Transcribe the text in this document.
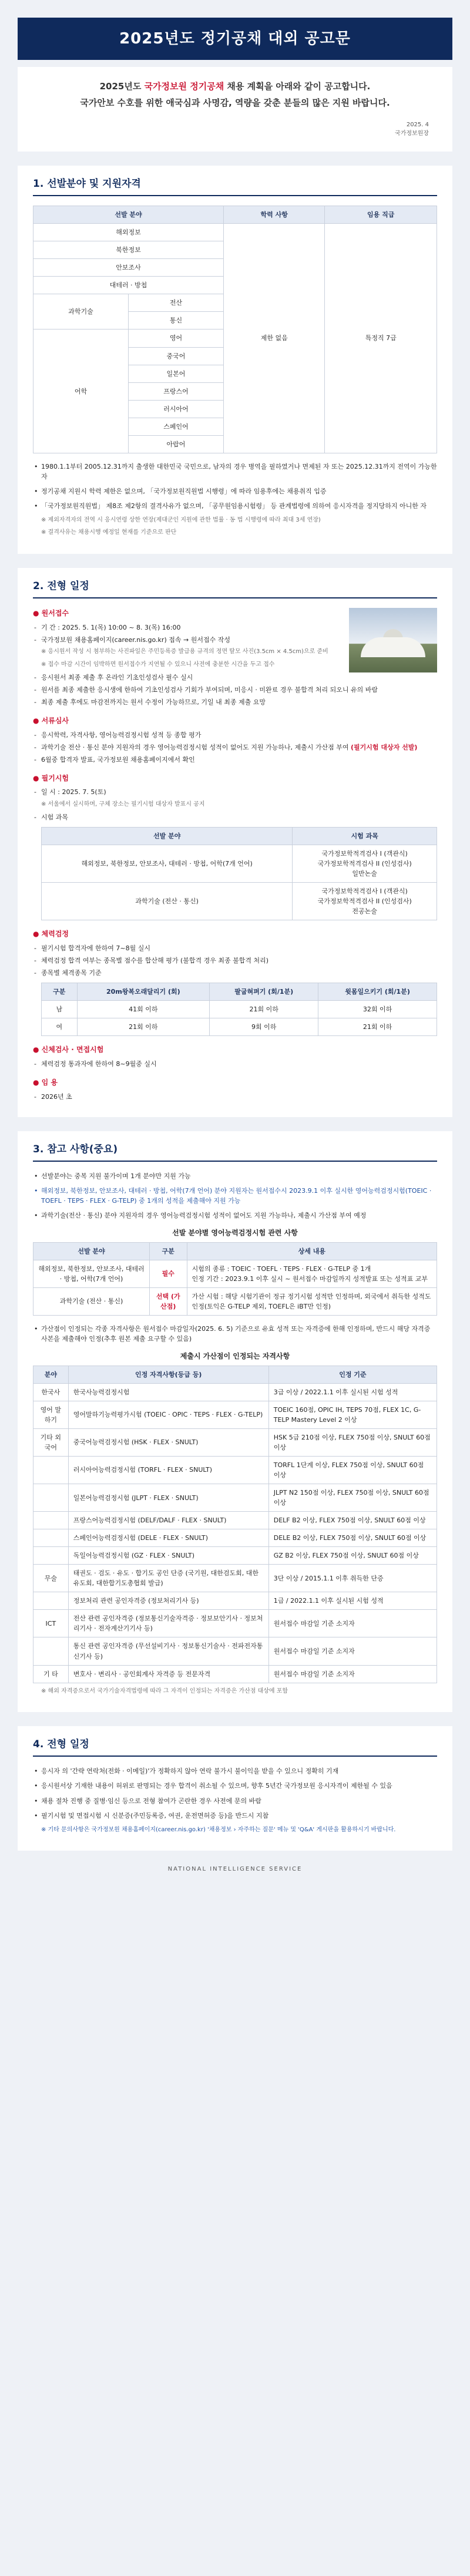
2025년도 정기공채 대외 공고문
2025년도 국가정보원 정기공채 채용 계획을 아래와 같이 공고합니다.
국가안보 수호를 위한 애국심과 사명감, 역량을 갖춘 분들의 많은 지원 바랍니다.
2025. 4
국가정보원장
1. 선발분야 및 지원자격
선발 분야		학력 사항	임용 직급
해외정보		제한 없음	특정직 7급
북한정보			
안보조사			
대테러 · 방첩			
과학기술	전산		
	통신		
어학	영어		
	중국어		
	일본어		
	프랑스어		
	러시아어		
	스페인어		
	아랍어		
• 1980.1.1부터 2005.12.31까지 출생한 대한민국 국민으로, 남자의 경우 병역을 필하였거나 면제된 자 또는 2025.12.31까지 전역이 가능한 자
• 정기공채 지원시 학력 제한은 없으며, 「국가정보원직원법 시행령」에 따라 임용후에는 채용취직 입증
• 「국가정보원직원법」 제8조 제2항의 결격사유가 없으며, 「공무원임용시험령」 등 관계법령에 의하여 응시자격을 정지당하지 아니한 자
※ 제외자격자의 전역 시 응시연령 상한 연장(제대군인 지원에 관한 법률 · 동 법 시행령에 따라 최대 3세 연장)
※ 결격사유는 채용시행 예정일 현재를 기준으로 판단
2. 전형 일정
● 원서접수
- 기 간 : 2025. 5. 1(목) 10:00 ~ 8. 3(목) 16:00
- 국가정보원 채용홈페이지(career.nis.go.kr) 접속 → 원서접수 작성
※ 응시원서 작성 시 첨부하는 사진파일은 주민등록증 발급용 규격의 정면 탈모 사진(3.5cm × 4.5cm)으로 준비
※ 접수 마감 시간이 임박하면 원서접수가 지연될 수 있으니 사전에 충분한 시간을 두고 접수
- 응시원서 최종 제출 후 온라인 기초인성검사 필수 실시
- 원서를 최종 제출한 응시생에 한하여 기초인성검사 기회가 부여되며, 미응시 · 미완료 경우 불합격 처리 되오니 유의 바람
- 최종 제출 후에도 마감전까지는 원서 수정이 가능하므로, 기일 내 최종 제출 요망
● 서류심사
- 응시학력, 자격사항, 영어능력검정시험 성적 등 종합 평가
- 과학기술 전산 · 통신 분야 지원자의 경우 영어능력검정시험 성적이 없어도 지원 가능하나, 제출시 가산점 부여 (필기시험 대상자 선발)
- 6월중 합격자 발표, 국가정보원 채용홈페이지에서 확인
● 필기시험
- 일 시 : 2025. 7. 5(토)
※ 서울에서 실시하며, 구체 장소는 필기시험 대상자 발표시 공지
- 시험 과목
선발 분야	시험 과목
해외정보, 북한정보, 안보조사, 대테러 · 방첩, 어학(7개 언어)	국가정보학적격검사 I (객관식)
국가정보학적격검사 II (인성검사)
일반논술

과학기술 (전산 · 통신)	국가정보학적격검사 I (객관식)
국가정보학적격검사 II (인성검사)
전공논술
● 체력검정
- 필기시험 합격자에 한하여 7~8월 실시
- 체력검정 합격 여부는 종목별 점수를 합산해 평가 (불합격 경우 최종 불합격 처리)
- 종목별 체격종목 기준
구분	20m왕복오래달리기 (회)	팔굽혀펴기 (회/1분)	윗몸일으키기 (회/1분)
남	41회 이하	21회 이하	32회 이하
여	21회 이하	9회 이하	21회 이하
● 신체검사 · 면접시험
- 체력검정 통과자에 한하여 8~9월중 실시
● 임 용
- 2026년 초
3. 참고 사항(중요)
• 선발분야는 중복 지원 불가이며 1개 분야만 지원 가능
• 해외정보, 북한정보, 안보조사, 대테러 · 방첩, 어학(7개 언어) 분야 지원자는 원서접수시 2023.9.1 이후 실시한 영어능력검정시험(TOEIC · TOEFL · TEPS · FLEX · G-TELP) 중 1개의 성적을 제출해야 지원 가능
• 과학기술(전산 · 통신) 분야 지원자의 경우 영어능력검정시험 성적이 없어도 지원 가능하나, 제출시 가산점 부여 예정
선발 분야별 영어능력검정시험 관련 사항
선발 분야	구분	상세 내용
해외정보, 북한정보, 안보조사, 대테러 · 방첩, 어학(7개 언어)	필수	시험의 종류 : TOEIC · TOEFL · TEPS · FLEX · G-TELP 중 1개
인정 기간 : 2023.9.1 이후 실시 ~ 원서접수 마감일까지 성적발표 또는 성적표 교부

과학기술 (전산 · 통신)	선택 (가산점)	가산 시험 : 해당 시험기관이 정규 정기시험 성적만 인정하며, 외국에서 취득한 성적도 인정(토익은 G-TELP 제외, TOEFL은 iBT만 인정)
• 가산점이 인정되는 각종 자격사항은 원서접수 마감일자(2025. 6. 5) 기준으로 유효 성적 또는 자격증에 한해 인정하며, 반드시 해당 자격증 사본을 제출해야 인정(추후 원본 제출 요구할 수 있음)
제출시 가산점이 인정되는 자격사항
분야	인정 자격사항(등급 등)	인정 기준
한국사	한국사능력검정시험	3급 이상 / 2022.1.1 이후 실시된 시험 성적
영어 말하기	영어말하기능력평가시험 (TOEIC · OPIC · TEPS · FLEX · G-TELP)	TOEIC 160점, OPIC IH, TEPS 70점, FLEX 1C, G-TELP Mastery Level 2 이상
기타 외국어	중국어능력검정시험 (HSK · FLEX · SNULT)	HSK 5급 210점 이상, FLEX 750점 이상, SNULT 60점 이상
	러시아어능력검정시험 (TORFL · FLEX · SNULT)	TORFL 1단계 이상, FLEX 750점 이상, SNULT 60점 이상
	일본어능력검정시험 (JLPT · FLEX · SNULT)	JLPT N2 150점 이상, FLEX 750점 이상, SNULT 60점 이상
	프랑스어능력검정시험 (DELF/DALF · FLEX · SNULT)	DELF B2 이상, FLEX 750점 이상, SNULT 60점 이상
	스페인어능력검정시험 (DELE · FLEX · SNULT)	DELE B2 이상, FLEX 750점 이상, SNULT 60점 이상
	독일어능력검정시험 (GZ · FLEX · SNULT)	GZ B2 이상, FLEX 750점 이상, SNULT 60점 이상
무술	태권도 · 검도 · 유도 · 합기도 공인 단증 (국기원, 대한검도회, 대한유도회, 대한합기도총협회 발급)	3단 이상 / 2015.1.1 이후 취득한 단증
	정보처리 관련 공인자격증 (정보처리기사 등)	1급 / 2022.1.1 이후 실시된 시험 성적
ICT	전산 관련 공인자격증 (정보통신기술자격증 · 정보보안기사 · 정보처리기사 · 전자계산기기사 등)	원서접수 마감일 기준 소지자
	통신 관련 공인자격증 (무선설비기사 · 정보통신기술사 · 전파전자통신기사 등)	원서접수 마감일 기준 소지자
기 타	변호사 · 변리사 · 공인회계사 자격증 등 전문자격	원서접수 마감일 기준 소지자
※ 해외 자격증으로서 국가기술자격법령에 따라 그 자격이 인정되는 자격증은 가산점 대상에 포함
4. 전형 일정
• 응시자 의 '간략 연락처(전화 · 이메일)'가 정확하지 않아 연락 불가시 불이익을 받을 수 있으니 정확히 기재
• 응시원서상 기재한 내용이 허위로 판명되는 경우 합격이 취소될 수 있으며, 향후 5년간 국가정보원 응시자격이 제한될 수 있음
• 채용 절차 진행 중 질병·임신 등으로 전형 참여가 곤란한 경우 사전에 문의 바람
• 필기시험 및 면접시험 시 신분증(주민등록증, 여권, 운전면허증 등)을 반드시 지참
※ 기타 문의사항은 국가정보원 채용홈페이지(career.nis.go.kr) '채용정보 › 자주하는 질문' 메뉴 및 'Q&A' 게시판을 활용하시기 바랍니다.
NATIONAL INTELLIGENCE SERVICE
